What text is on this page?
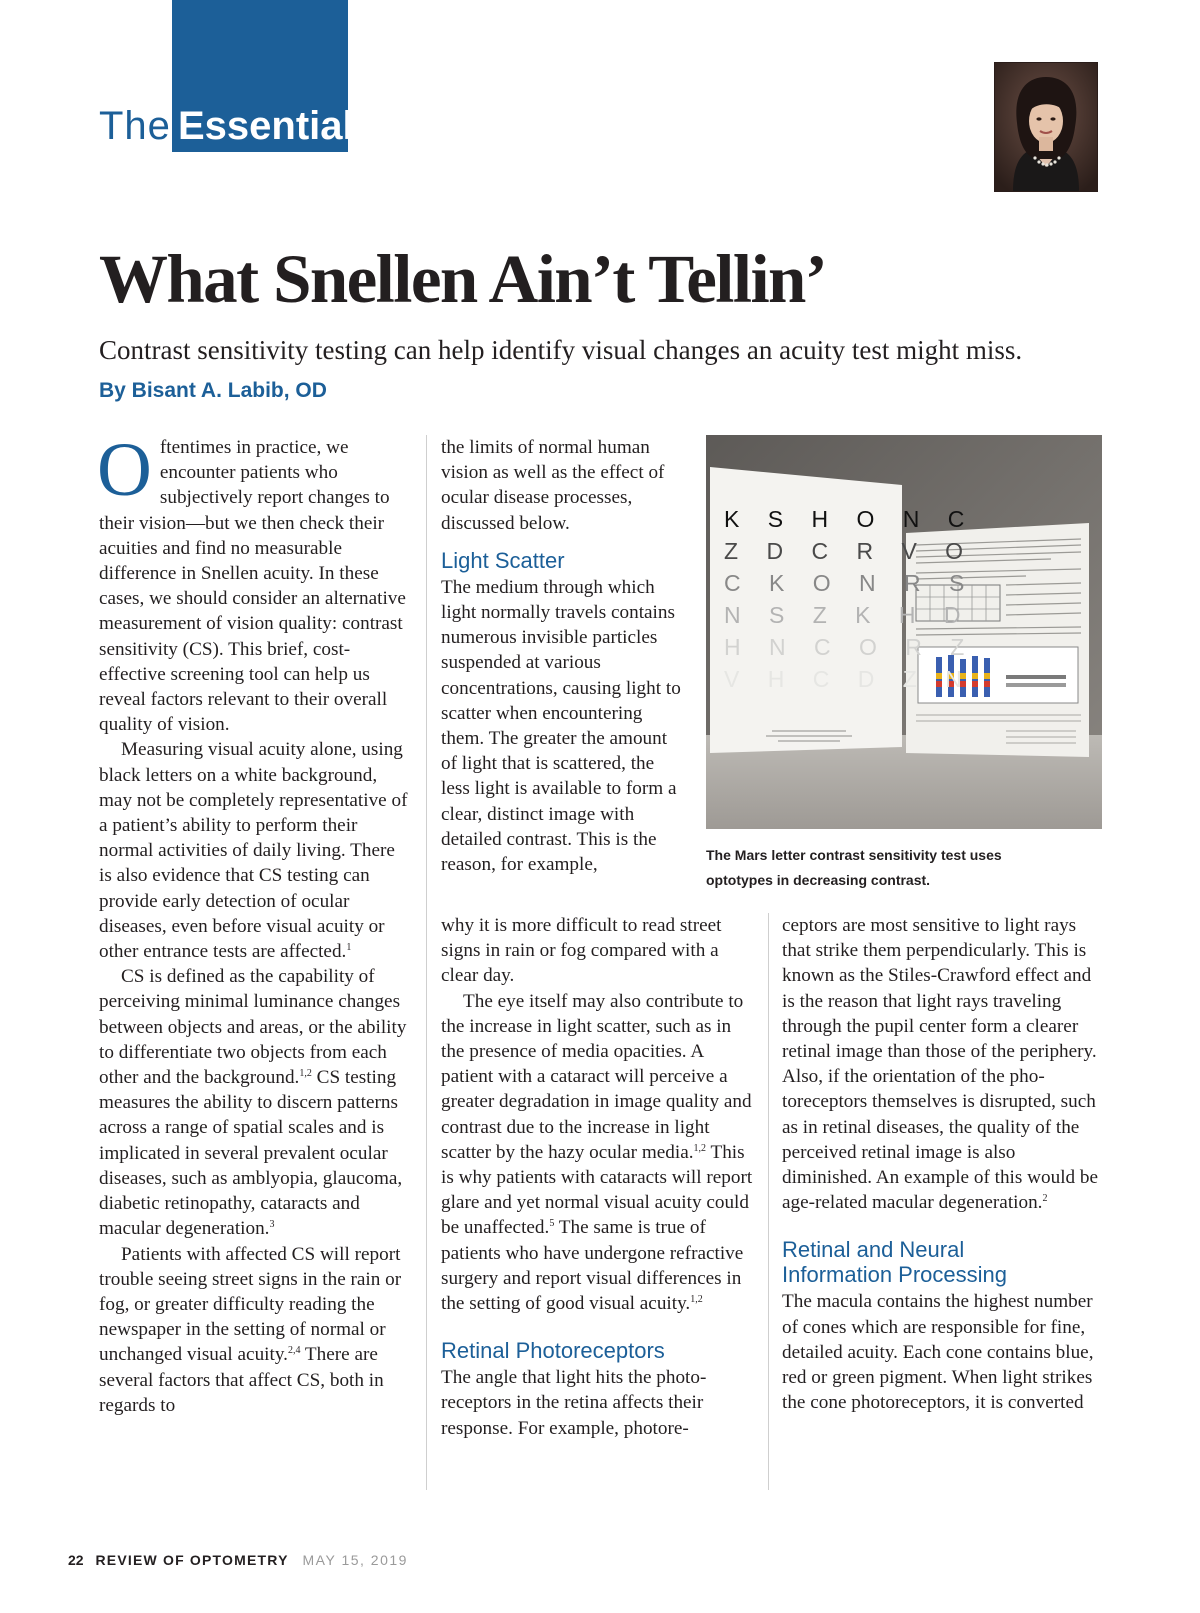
The Essentials
What Snellen Ain’t Tellin’
Contrast sensitivity testing can help identify visual changes an acuity test might miss.
By Bisant A. Labib, OD

Oftentimes in practice, we encounter patients who subjectively report changes to their vision—but we then check their acuities and find no measurable difference in Snellen acuity. In these cases, we should consider an alternative measurement of vision quality: contrast sensitivity (CS). This brief, cost-effective screening tool can help us reveal factors relevant to their overall quality of vision.

Measuring visual acuity alone, using black letters on a white background, may not be completely representative of a patient’s ability to perform their normal activities of daily living. There is also evidence that CS testing can provide early detection of ocular diseases, even before visual acuity or other entrance tests are affected.$^1$

CS is defined as the capability of perceiving minimal luminance changes between objects and areas, or the ability to differentiate two objects from each other and the background.$^{1,2}$ CS testing measures the ability to discern patterns across a range of spatial scales and is implicated in several prevalent ocular diseases, such as amblyopia, glaucoma, diabetic retinopathy, cataracts and macular degeneration.$^3$

Patients with affected CS will report trouble seeing street signs in the rain or fog, or greater difficulty reading the newspaper in the setting of normal or unchanged visual acuity.$^{2,4}$ There are several factors that affect CS, both in regards to

the limits of normal human vision as well as the effect of ocular disease processes, discussed below.

Light Scatter

The medium through which light normally travels contains numerous invisible particles suspended at various concentrations, causing light to scatter when encountering them. The greater the amount of light that is scattered, the less light is available to form a clear, distinct image with detailed contrast. This is the reason, for example,

why it is more difficult to read street signs in rain or fog compared with a clear day.

The eye itself may also contribute to the increase in light scatter, such as in the presence of media opacities. A patient with a cataract will perceive a greater degradation in image quality and contrast due to the increase in light scatter by the hazy ocular media.$^{1,2}$ This is why patients with cataracts will report glare and yet normal visual acuity could be unaffected.$^5$ The same is true of patients who have undergone refractive surgery and report visual differences in the setting of good visual acuity.$^{1,2}$

Retinal Photoreceptors

The angle that light hits the photoreceptors in the retina affects their response. For example, photore-

ceptors are most sensitive to light rays that strike them perpendicularly. This is known as the Stiles-Crawford effect and is the reason that light rays traveling through the pupil center form a clearer retinal image than those of the periphery. Also, if the orientation of the photoreceptors themselves is disrupted, such as in retinal diseases, the quality of the perceived retinal image is also diminished. An example of this would be age-related macular degeneration.$^2$

Retinal and Neural
Information Processing

The macula contains the highest number of cones which are responsible for fine, detailed acuity. Each cone contains blue, red or green pigment. When light strikes the cone photoreceptors, it is converted

K S H O N C
Z D C R V O
C K O N R S
N S Z K H D
H N C O R Z
V H C D Z N
The Mars letter contrast sensitivity test uses
optotypes in decreasing contrast.
22 REVIEW OF OPTOMETRY MAY 15, 2019
